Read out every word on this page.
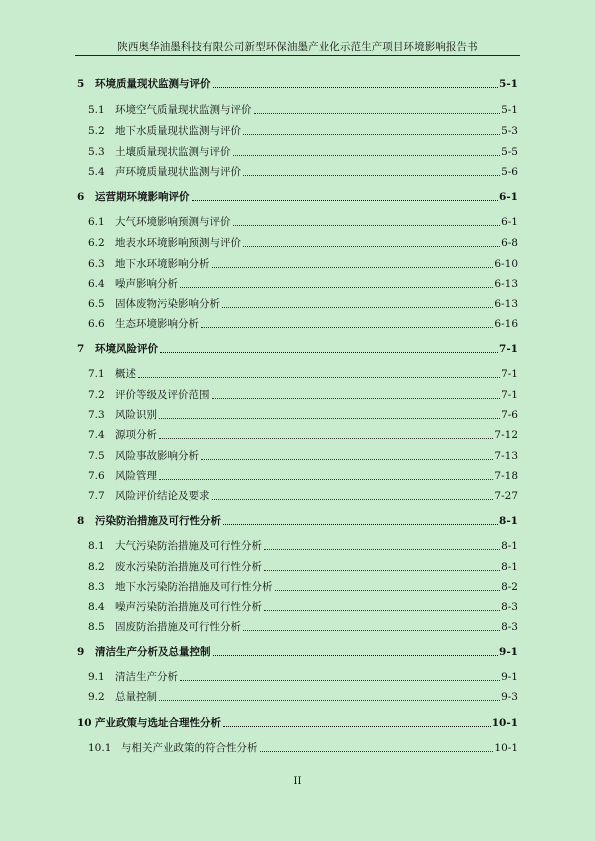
陕西奥华油墨科技有限公司新型环保油墨产业化示范生产项目环境影响报告书
5	环境质量现状监测与评价	5-1
5.1 环境空气质量现状监测与评价	5-1
5.2 地下水质量现状监测与评价	5-3
5.3 土壤质量现状监测与评价	5-5
5.4 声环境质量现状监测与评价	5-6
6	运营期环境影响评价	6-1
6.1 大气环境影响预测与评价	6-1
6.2 地表水环境影响预测与评价	6-8
6.3 地下水环境影响分析	6-10
6.4 噪声影响分析	6-13
6.5 固体废物污染影响分析	6-13
6.6 生态环境影响分析	6-16
7	环境风险评价	7-1
7.1 概述	7-1
7.2 评价等级及评价范围	7-1
7.3 风险识别	7-6
7.4 源项分析	7-12
7.5 风险事故影响分析	7-13
7.6 风险管理	7-18
7.7 风险评价结论及要求	7-27
8	污染防治措施及可行性分析	8-1
8.1 大气污染防治措施及可行性分析	8-1
8.2 废水污染防治措施及可行性分析	8-1
8.3 地下水污染防治措施及可行性分析	8-2
8.4 噪声污染防治措施及可行性分析	8-3
8.5 固废防治措施及可行性分析	8-3
9	清洁生产分析及总量控制	9-1
9.1 清洁生产分析	9-1
9.2 总量控制	9-3
10 产业政策与选址合理性分析	10-1
10.1 与相关产业政策的符合性分析	10-1
II
